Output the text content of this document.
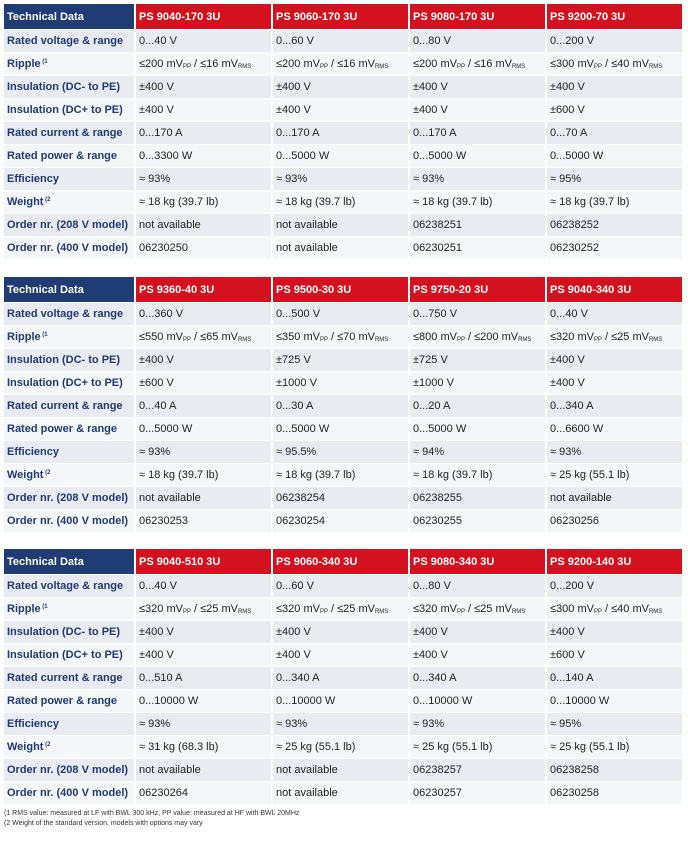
Technical Data	PS 9040-170 3U	PS 9060-170 3U	PS 9080-170 3U	PS 9200-70 3U
Rated voltage & range	0...40 V	0...60 V	0...80 V	0...200 V
Ripple $^{(1}$	≤200 $mV_{PP} / \le 16$ $mV_{RMS}$	≤200 $mV_{PP} / \le 16$ $mV_{RMS}$	≤200 $mV_{PP} / \le 16$ $mV_{RMS}$	≤300 $mV_{PP} / \le 40$ $mV_{RMS}$
Insulation (DC- to PE)	±400 V	±400 V	±400 V	±400 V
Insulation (DC+ to PE)	±400 V	±400 V	±400 V	±600 V
Rated current & range	0...170 A	0...170 A	0...170 A	0...70 A
Rated power & range	0...3300 W	0...5000 W	0...5000 W	0...5000 W
Efficiency	≈ 93%	≈ 93%	≈ 93%	≈ 95%
Weight $^{(2}$	≈ 18 kg (39.7 lb)	≈ 18 kg (39.7 lb)	≈ 18 kg (39.7 lb)	≈ 18 kg (39.7 lb)
Order nr. (208 V model)	not available	not available	06238251	06238252
Order nr. (400 V model)	06230250	not available	06230251	06230252
Technical Data	PS 9360-40 3U	PS 9500-30 3U	PS 9750-20 3U	PS 9040-340 3U
Rated voltage & range	0...360 V	0...500 V	0...750 V	0...40 V
Ripple $^{(1}$	≤550 $mV_{PP} / \le 65$ $mV_{RMS}$	≤350 $mV_{PP} / \le 70$ $mV_{RMS}$	≤800 $mV_{PP} / \le 200$ $mV_{RMS}$	≤320 $mV_{PP} / \le 25$ $mV_{RMS}$
Insulation (DC- to PE)	±400 V	±725 V	±725 V	±400 V
Insulation (DC+ to PE)	±600 V	±1000 V	±1000 V	±400 V
Rated current & range	0...40 A	0...30 A	0...20 A	0...340 A
Rated power & range	0...5000 W	0...5000 W	0...5000 W	0...6600 W
Efficiency	≈ 93%	≈ 95.5%	≈ 94%	≈ 93%
Weight $^{(2}$	≈ 18 kg (39.7 lb)	≈ 18 kg (39.7 lb)	≈ 18 kg (39.7 lb)	≈ 25 kg (55.1 lb)
Order nr. (208 V model)	not available	06238254	06238255	not available
Order nr. (400 V model)	06230253	06230254	06230255	06230256
Technical Data	PS 9040-510 3U	PS 9060-340 3U	PS 9080-340 3U	PS 9200-140 3U
Rated voltage & range	0...40 V	0...60 V	0...80 V	0...200 V
Ripple $^{(1}$	≤320 $mV_{PP} / \le 25$ $mV_{RMS}$	≤320 $mV_{PP} / \le 25$ $mV_{RMS}$	≤320 $mV_{PP} / \le 25$ $mV_{RMS}$	≤300 $mV_{PP} / \le 40$ $mV_{RMS}$
Insulation (DC- to PE)	±400 V	±400 V	±400 V	±400 V
Insulation (DC+ to PE)	±400 V	±400 V	±400 V	±600 V
Rated current & range	0...510 A	0...340 A	0...340 A	0...140 A
Rated power & range	0...10000 W	0...10000 W	0...10000 W	0...10000 W
Efficiency	≈ 93%	≈ 93%	≈ 93%	≈ 95%
Weight $^{(2}$	≈ 31 kg (68.3 lb)	≈ 25 kg (55.1 lb)	≈ 25 kg (55.1 lb)	≈ 25 kg (55.1 lb)
Order nr. (208 V model)	not available	not available	06238257	06238258
Order nr. (400 V model)	06230264	not available	06230257	06230258
(1 RMS value: measured at LF with BWL 300 kHz, PP value: measured at HF with BWL 20MHz
(2 Weight of the standard version, models with options may vary
